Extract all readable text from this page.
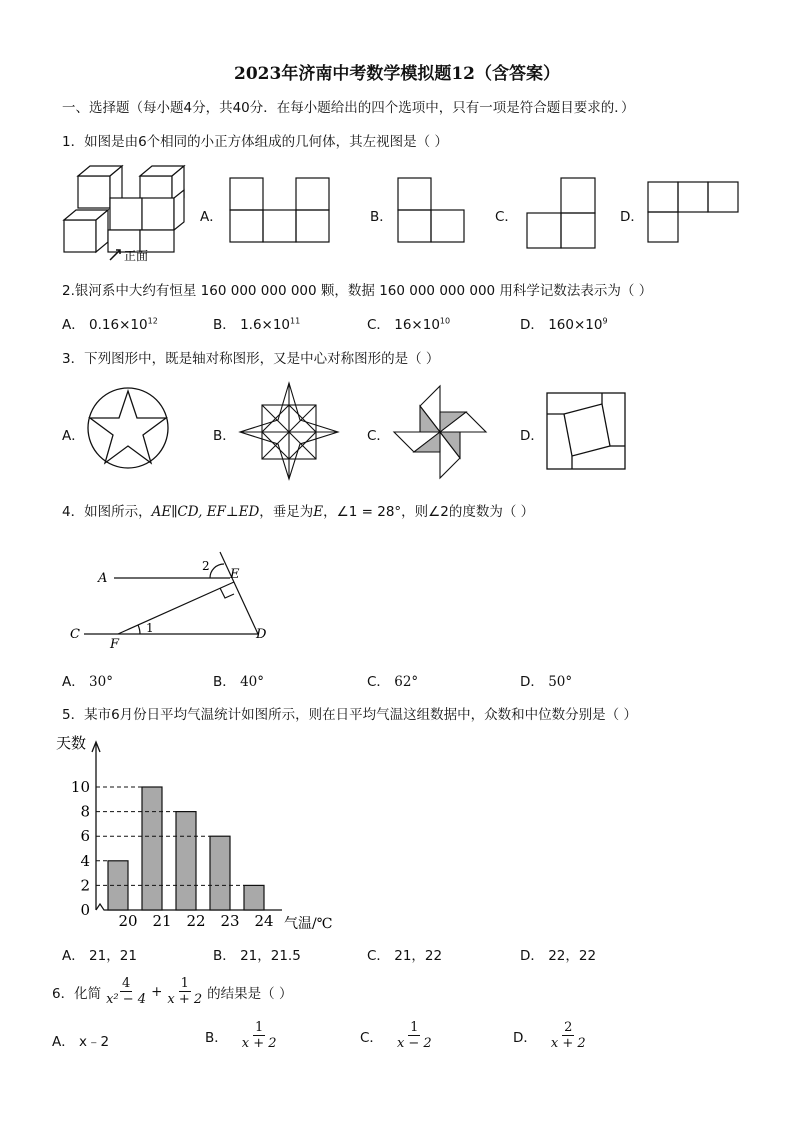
2023年济南中考数学模拟题12（含答案）
一、选择题（每小题4分，共40分．在每小题给出的四个选项中，只有一项是符合题目要求的．）
1．如图是由6个相同的小正方体组成的几何体，其左视图是（ ）
正面
A．	B．	C．	D．
2.银河系中大约有恒星 160 000 000 000 颗，数据 160 000 000 000 用科学记数法表示为（ ）
A． $0.16\times 10^{12}$	B． $1.6\times 10^{11}$	C． $16\times 10^{10}$	D． $160\times 10^9$
3．下列图形中，既是轴对称图形，又是中心对称图形的是（ ）
A．	B．	C．	D．
4．如图所示，AE∥CD, EF⊥ED，垂足为E，∠1 = 28°，则∠2的度数为（ ）
A	E
2
C
F
1	D
A． 30°	B． 40°	C． 62°	D． 50°
5．某市6月份日平均气温统计如图所示，则在日平均气温这组数据中，众数和中位数分别是（ ）
天数
0
2
4
6
8
10
20 21 22 23 24 气温/℃
A． 21，21	B． 21，21.5	C． 21，22	D． 22，22
6．化简 $\frac{4}{\text{x² − 4}} + \frac{1}{x + 2}$ 的结果是（ ）
A． x﹣2	B． $\frac{1}{x + 2}$	C． $\frac{1}{x - 2}$	D． $\frac{2}{x + 2}$
